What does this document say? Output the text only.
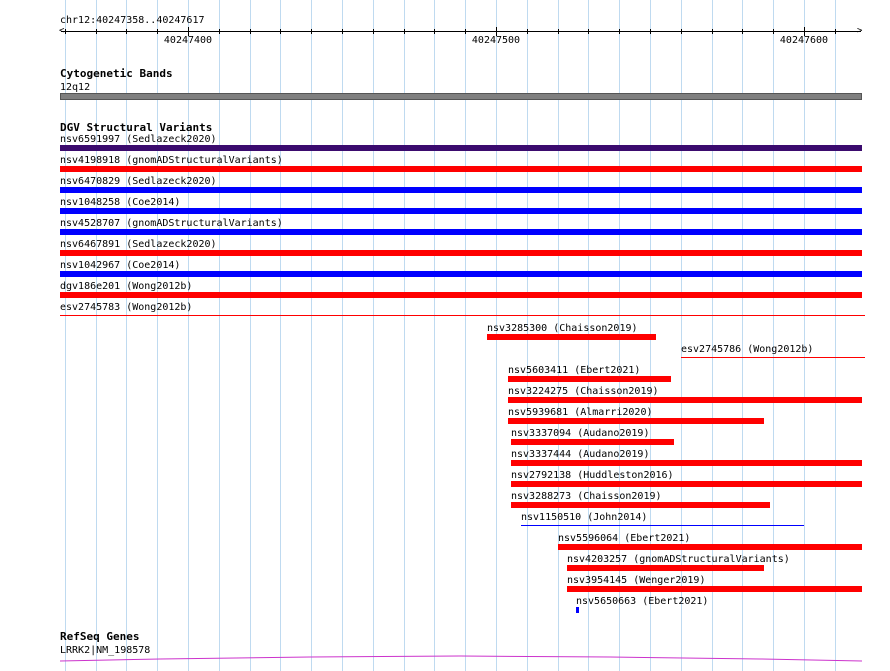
chr12:40247358..40247617
<	>
40247400	40247500	40247600
Cytogenetic Bands
12q12
DGV Structural Variants
nsv6591997 (Sedlazeck2020)
nsv4198918 (gnomADStructuralVariants)
nsv6470829 (Sedlazeck2020)
nsv1048258 (Coe2014)
nsv4528707 (gnomADStructuralVariants)
nsv6467891 (Sedlazeck2020)
nsv1042967 (Coe2014)
dgv186e201 (Wong2012b)
esv2745783 (Wong2012b)
nsv3285300 (Chaisson2019)
esv2745786 (Wong2012b)
nsv5603411 (Ebert2021)
nsv3224275 (Chaisson2019)
nsv5939681 (Almarri2020)
nsv3337094 (Audano2019)
nsv3337444 (Audano2019)
nsv2792138 (Huddleston2016)
nsv3288273 (Chaisson2019)
nsv1150510 (John2014)
nsv5596064 (Ebert2021)
nsv4203257 (gnomADStructuralVariants)
nsv3954145 (Wenger2019)
nsv5650663 (Ebert2021)
RefSeq Genes
LRRK2|NM_198578
